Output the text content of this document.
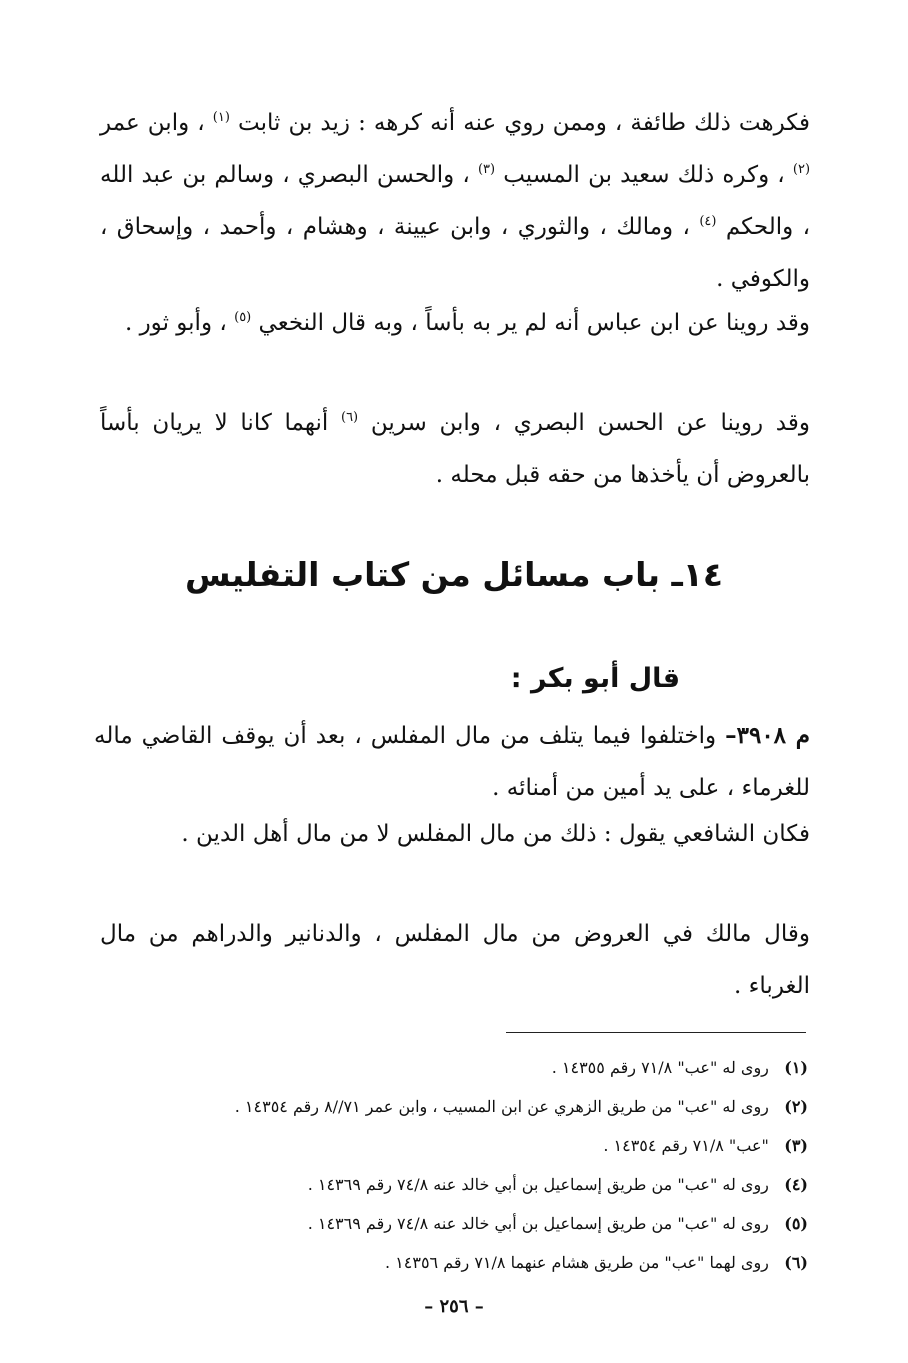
فكرهت ذلك طائفة ، وممن روي عنه أنه كرهه : زيد بن ثابت $^{(١)}$ ، وابن عمر $^{(٢)}$ ، وكره ذلك سعيد بن المسيب $^{(٣)}$ ، والحسن البصري ، وسالم بن عبد الله ، والحكم $^{(٤)}$ ، ومالك ، والثوري ، وابن عيينة ، وهشام ، وأحمد ، وإسحاق ، والكوفي .

وقد روينا عن ابن عباس أنه لم ير به بأساً ، وبه قال النخعي $^{(٥)}$ ، وأبو ثور .

وقد روينا عن الحسن البصري ، وابن سرين $^{(٦)}$ أنهما كانا لا يريان بأساً بالعروض أن يأخذها من حقه قبل محله .

١٤ـ باب مسائل من كتاب التفليس

قال أبو بكر :

م ٣٩٠٨– واختلفوا فيما يتلف من مال المفلس ، بعد أن يوقف القاضي ماله للغرماء ، على يد أمين من أمنائه .

فكان الشافعي يقول : ذلك من مال المفلس لا من مال أهل الدين .

وقال مالك في العروض من مال المفلس ، والدنانير والدراهم من مال الغرباء .

(١) روى له "عب" ٧١/٨ رقم ١٤٣٥٥ .
(٢) روى له "عب" من طريق الزهري عن ابن المسيب ، وابن عمر ٧١//٨ رقم ١٤٣٥٤ .
(٣) "عب" ٧١/٨ رقم ١٤٣٥٤ .
(٤) روى له "عب" من طريق إسماعيل بن أبي خالد عنه ٧٤/٨ رقم ١٤٣٦٩ .
(٥) روى له "عب" من طريق إسماعيل بن أبي خالد عنه ٧٤/٨ رقم ١٤٣٦٩ .
(٦) روى لهما "عب" من طريق هشام عنهما ٧١/٨ رقم ١٤٣٥٦ .

– ٢٥٦ –
